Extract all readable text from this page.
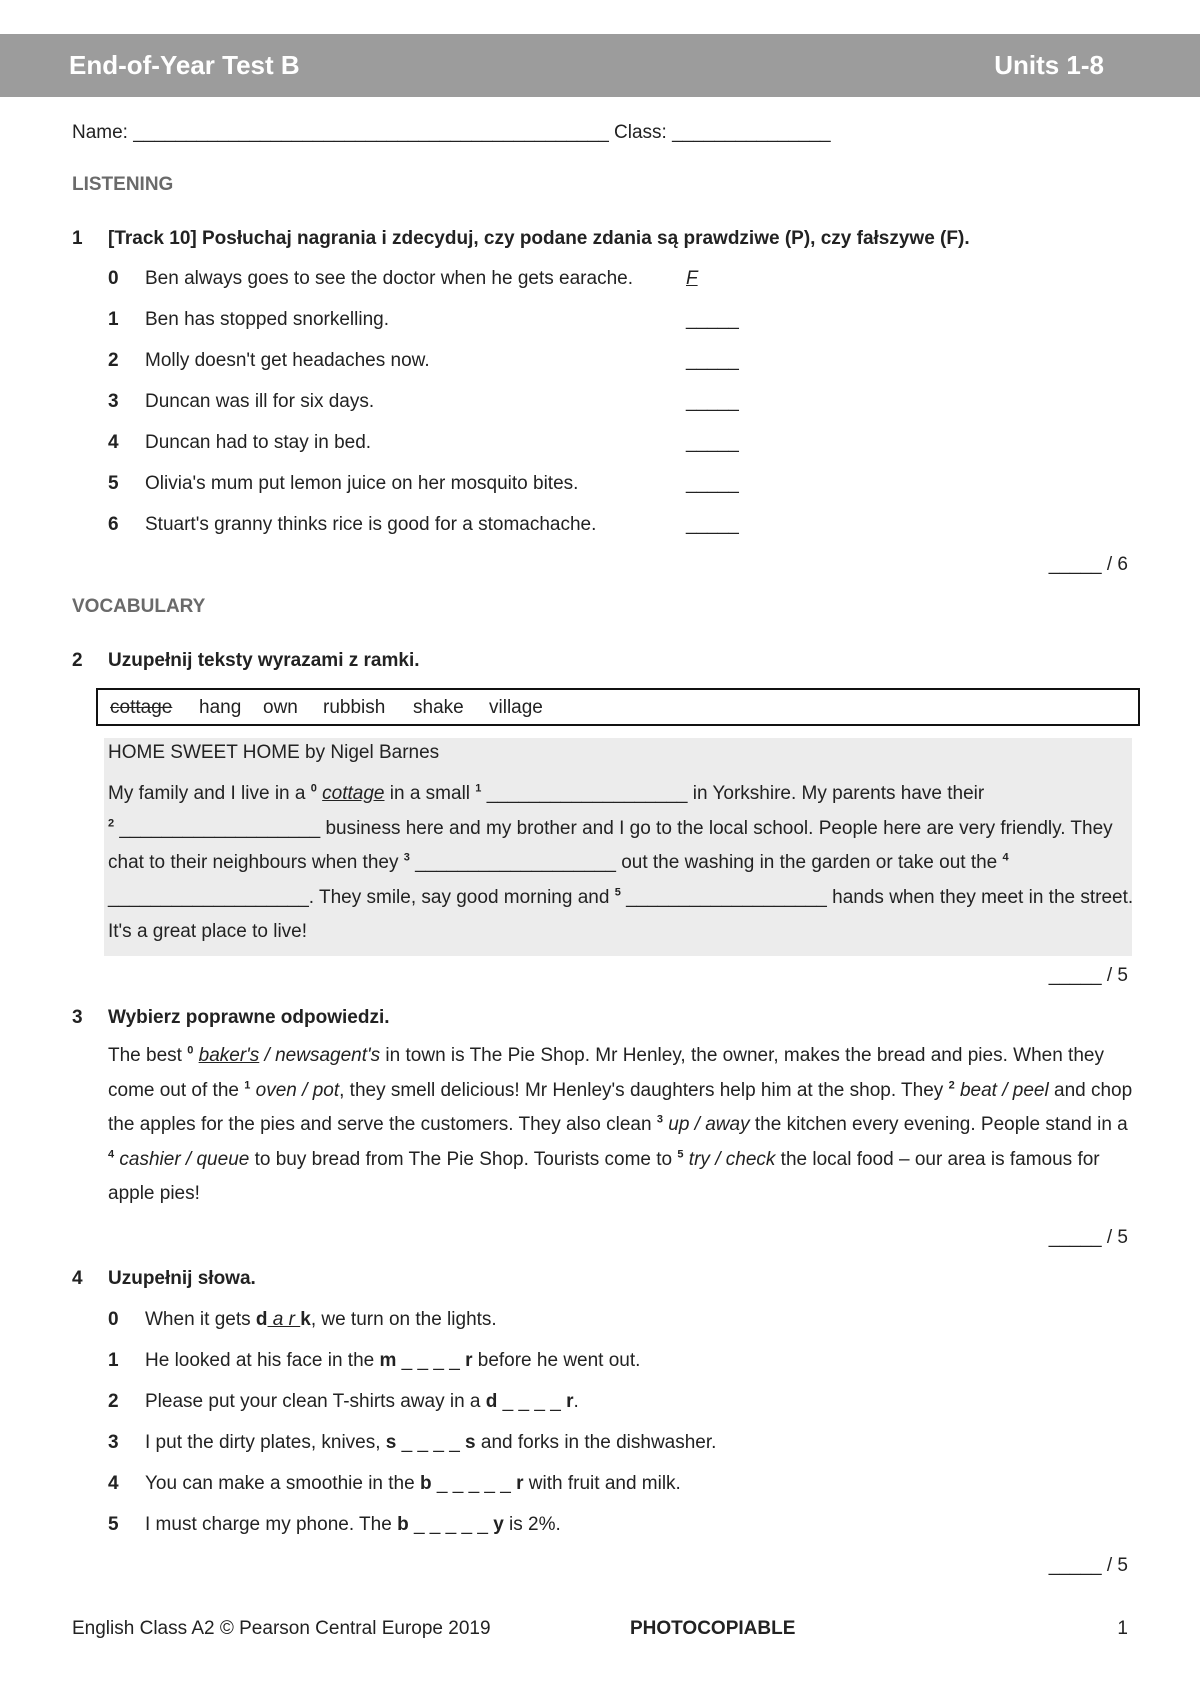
End-of-Year Test B	Units 1-8
Name: _____________________________________________ Class: _______________
LISTENING
1 [Track 10] Posłuchaj nagrania i zdecyduj, czy podane zdania są prawdziwe (P), czy fałszywe (F).
0 Ben always goes to see the doctor when he gets earache.	F
1 Ben has stopped snorkelling.	_____
2 Molly doesn't get headaches now.	_____
3 Duncan was ill for six days.	_____
4 Duncan had to stay in bed.	_____
5 Olivia's mum put lemon juice on her mosquito bites.	_____
6 Stuart's granny thinks rice is good for a stomachache.	_____
_____ / 6
VOCABULARY
2 Uzupełnij teksty wyrazami z ramki.
cottage hang own rubbish shake village
HOME SWEET HOME by Nigel Barnes
My family and I live in a $^0$ cottage in a small $^1$ ___________________ in Yorkshire. My parents have their
$^2$ ___________________ business here and my brother and I go to the local school. People here are very friendly. They chat to their neighbours when they $^3$ ___________________ out the washing in the garden or take out the $^4$ ___________________. They smile, say good morning and $^5$ ___________________ hands when they meet in the street. It's a great place to live!
_____ / 5
3 Wybierz poprawne odpowiedzi.
The best $^0$ baker's / newsagent's in town is The Pie Shop. Mr Henley, the owner, makes the bread and pies. When they come out of the $^1$ oven / pot, they smell delicious! Mr Henley's daughters help him at the shop. They $^2$ beat / peel and chop the apples for the pies and serve the customers. They also clean $^3$ up / away the kitchen every evening. People stand in a $^4$ cashier / queue to buy bread from The Pie Shop. Tourists come to $^5$ try / check the local food – our area is famous for apple pies!
_____ / 5
4 Uzupełnij słowa.
0 When it gets d a r k, we turn on the lights.
1 He looked at his face in the m _ _ _ _ r before he went out.
2 Please put your clean T-shirts away in a d _ _ _ _ r.
3 I put the dirty plates, knives, s _ _ _ _ s and forks in the dishwasher.
4 You can make a smoothie in the b _ _ _ _ _ r with fruit and milk.
5 I must charge my phone. The b _ _ _ _ _ y is 2%.
_____ / 5
English Class A2 © Pearson Central Europe 2019	PHOTOCOPIABLE	1
